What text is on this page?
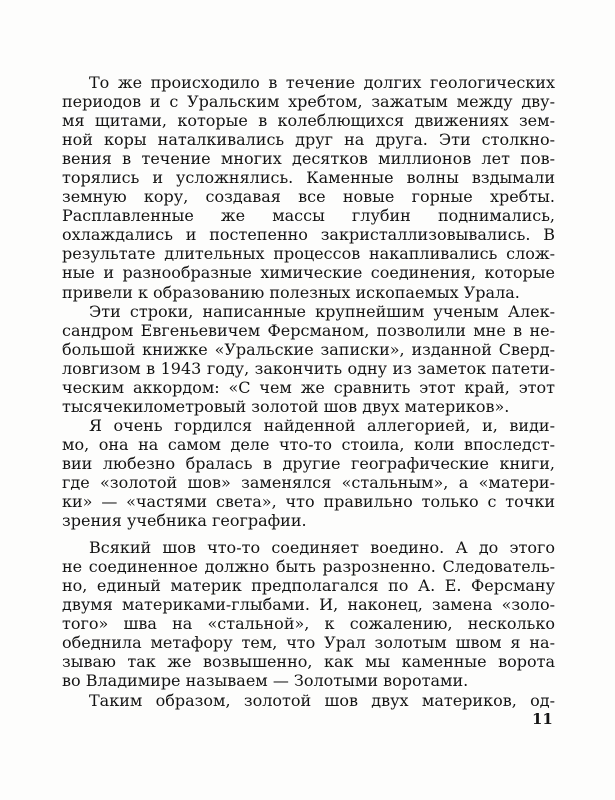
То же происходило в течение долгих геологических
периодов и с Уральским хребтом, зажатым между дву-
мя щитами, которые в колеблющихся движениях зем-
ной коры наталкивались друг на друга. Эти столкно-
вения в течение многих десятков миллионов лет пов-
торялись и усложнялись. Каменные волны вздымали
земную кору, создавая все новые горные хребты.
Расплавленные же массы глубин поднимались,
охлаждались и постепенно закристаллизовывались. В
результате длительных процессов накапливались слож-
ные и разнообразные химические соединения, которые
привели к образованию полезных ископаемых Урала.
Эти строки, написанные крупнейшим ученым Алек-
сандром Евгеньевичем Ферсманом, позволили мне в не-
большой книжке «Уральские записки», изданной Сверд-
ловгизом в 1943 году, закончить одну из заметок патети-
ческим аккордом: «С чем же сравнить этот край, этот
тысячекилометровый золотой шов двух материков».
Я очень гордился найденной аллегорией, и, види-
мо, она на самом деле что-то стоила, коли впоследст-
вии любезно бралась в другие географические книги,
где «золотой шов» заменялся «стальным», а «матери-
ки» — «частями света», что правильно только с точки
зрения учебника географии.
Всякий шов что-то соединяет воедино. А до этого
не соединенное должно быть разрозненно. Следователь-
но, единый материк предполагался по А. Е. Ферсману
двумя материками-глыбами. И, наконец, замена «золо-
того» шва на «стальной», к сожалению, несколько
обеднила метафору тем, что Урал золотым швом я на-
зываю так же возвышенно, как мы каменные ворота
во Владимире называем — Золотыми воротами.
Таким образом, золотой шов двух материков, од-
11
